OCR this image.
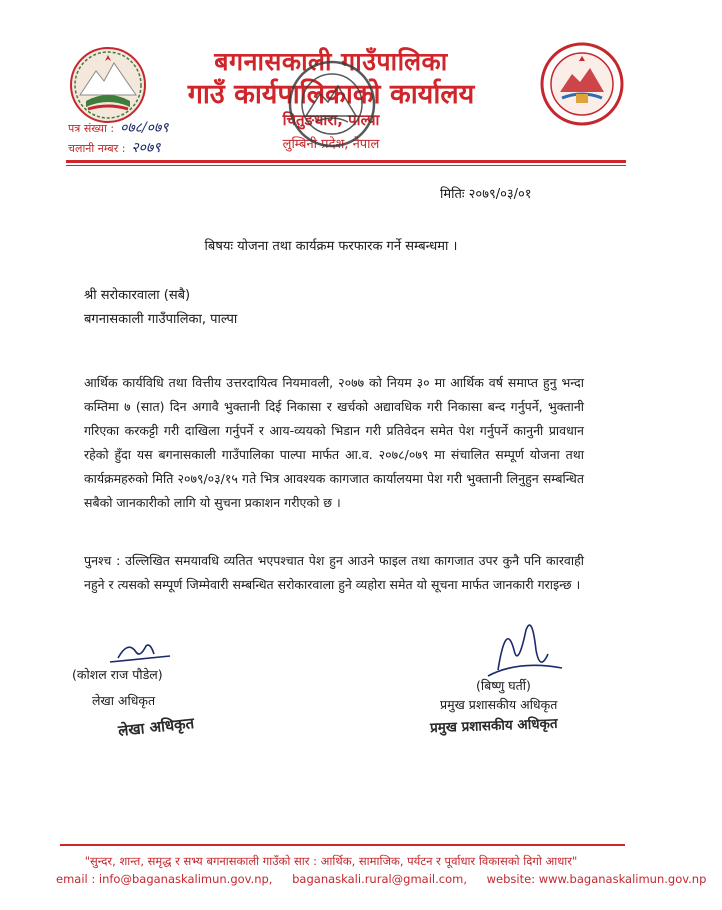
बगनासकाली गाउँपालिका
गाउँ कार्यपालिकाको कार्यालय
चितुङधारा, पाल्पा
लुम्बिनी प्रदेश, नेपाल
पत्र संख्या : ०७८/०७९
चलानी नम्बर : २०७९
मितिः २०७९/०३/०१
बिषयः योजना तथा कार्यक्रम फरफारक गर्ने सम्बन्धमा ।
श्री सरोकारवाला (सबै)
बगनासकाली गाउँपालिका, पाल्पा
आर्थिक कार्यविधि तथा वित्तीय उत्तरदायित्व नियमावली, २०७७ को नियम ३० मा आर्थिक वर्ष समाप्त हुनु भन्दा कम्तिमा ७ (सात) दिन अगावै भुक्तानी दिई निकासा र खर्चको अद्यावधिक गरी निकासा बन्द गर्नुपर्ने, भुक्तानी गरिएका करकट्टी गरी दाखिला गर्नुपर्ने र आय-व्ययको भिडान गरी प्रतिवेदन समेत पेश गर्नुपर्ने कानुनी प्रावधान रहेको हुँदा यस बगनासकाली गाउँपालिका पाल्पा मार्फत आ.व. २०७८/०७९ मा संचालित सम्पूर्ण योजना तथा कार्यक्रमहरुको मिति २०७९/०३/१५ गते भित्र आवश्यक कागजात कार्यालयमा पेश गरी भुक्तानी लिनुहुन सम्बन्धित सबैको जानकारीको लागि यो सुचना प्रकाशन गरीएको छ ।
पुनश्च : उल्लिखित समयावधि व्यतित भएपश्चात पेश हुन आउने फाइल तथा कागजात उपर कुनै पनि कारवाही नहुने र त्यसको सम्पूर्ण जिम्मेवारी सम्बन्धित सरोकारवाला हुने व्यहोरा समेत यो सूचना मार्फत जानकारी गराइन्छ ।
(कोशल राज पौडेल)
लेखा अधिकृत
लेखा अधिकृत
(बिष्णु घर्ती)
प्रमुख प्रशासकीय अधिकृत
प्रमुख प्रशासकीय अधिकृत
"सुन्दर, शान्त, समृद्ध र सभ्य बगनासकाली गाउँको सार : आर्थिक, सामाजिक, पर्यटन र पूर्वाधार विकासको दिगो आधार"
email : info@baganaskalimun.gov.np, baganaskali.rural@gmail.com, website: www.baganaskalimun.gov.np
